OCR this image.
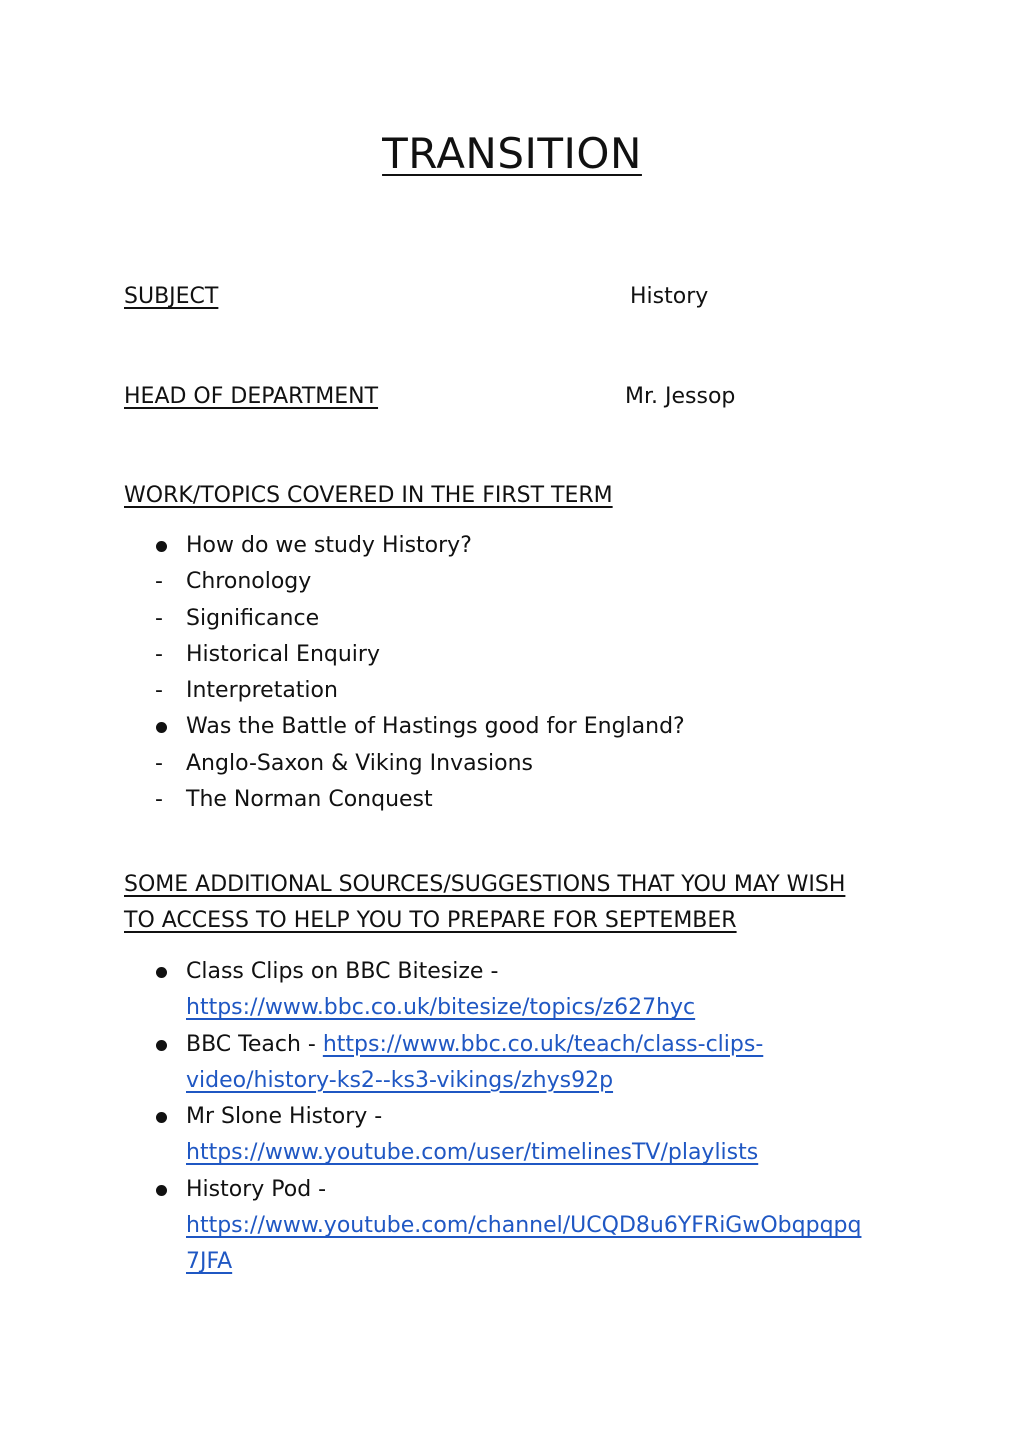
TRANSITION
SUBJECT	History
HEAD OF DEPARTMENT	Mr. Jessop
WORK/TOPICS COVERED IN THE FIRST TERM
How do we study History?
- Chronology
- Significance
- Historical Enquiry
- Interpretation
Was the Battle of Hastings good for England?
- Anglo-Saxon & Viking Invasions
- The Norman Conquest
SOME ADDITIONAL SOURCES/SUGGESTIONS THAT YOU MAY WISH
TO ACCESS TO HELP YOU TO PREPARE FOR SEPTEMBER
Class Clips on BBC Bitesize -
https://www.bbc.co.uk/bitesize/topics/z627hyc
BBC Teach - https://www.bbc.co.uk/teach/class-clips-
video/history-ks2--ks3-vikings/zhys92p
Mr Slone History -
https://www.youtube.com/user/timelinesTV/playlists
History Pod -
https://www.youtube.com/channel/UCQD8u6YFRiGwObqpqpq
7JFA
